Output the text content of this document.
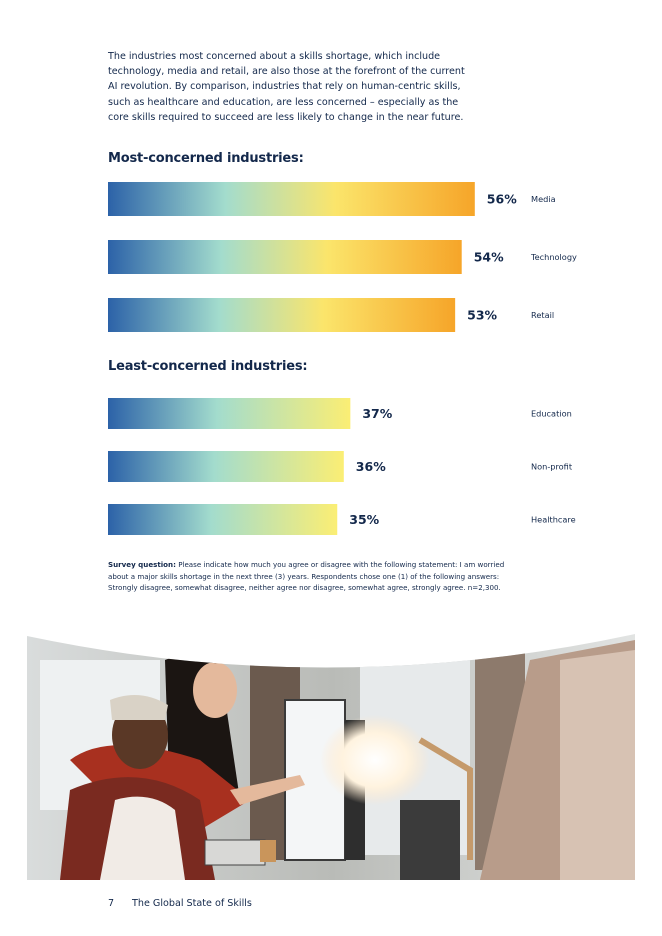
The industries most concerned about a skills shortage, which include technology, media and retail, are also those at the forefront of the current AI revolution. By comparison, industries that rely on human-centric skills, such as healthcare and education, are less concerned – especially as the core skills required to succeed are less likely to change in the near future.

Most-concerned industries:
Least-concerned industries:
56% Media
54%	Technology
53%	Retail
37%	Education
36%	Non-profit
35%	Healthcare

Survey question: Please indicate how much you agree or disagree with the following statement: I am worried about a major skills shortage in the next three (3) years. Respondents chose one (1) of the following answers: Strongly disagree, somewhat disagree, neither agree nor disagree, somewhat agree, strongly agree. n=2,300.

7 The Global State of Skills
